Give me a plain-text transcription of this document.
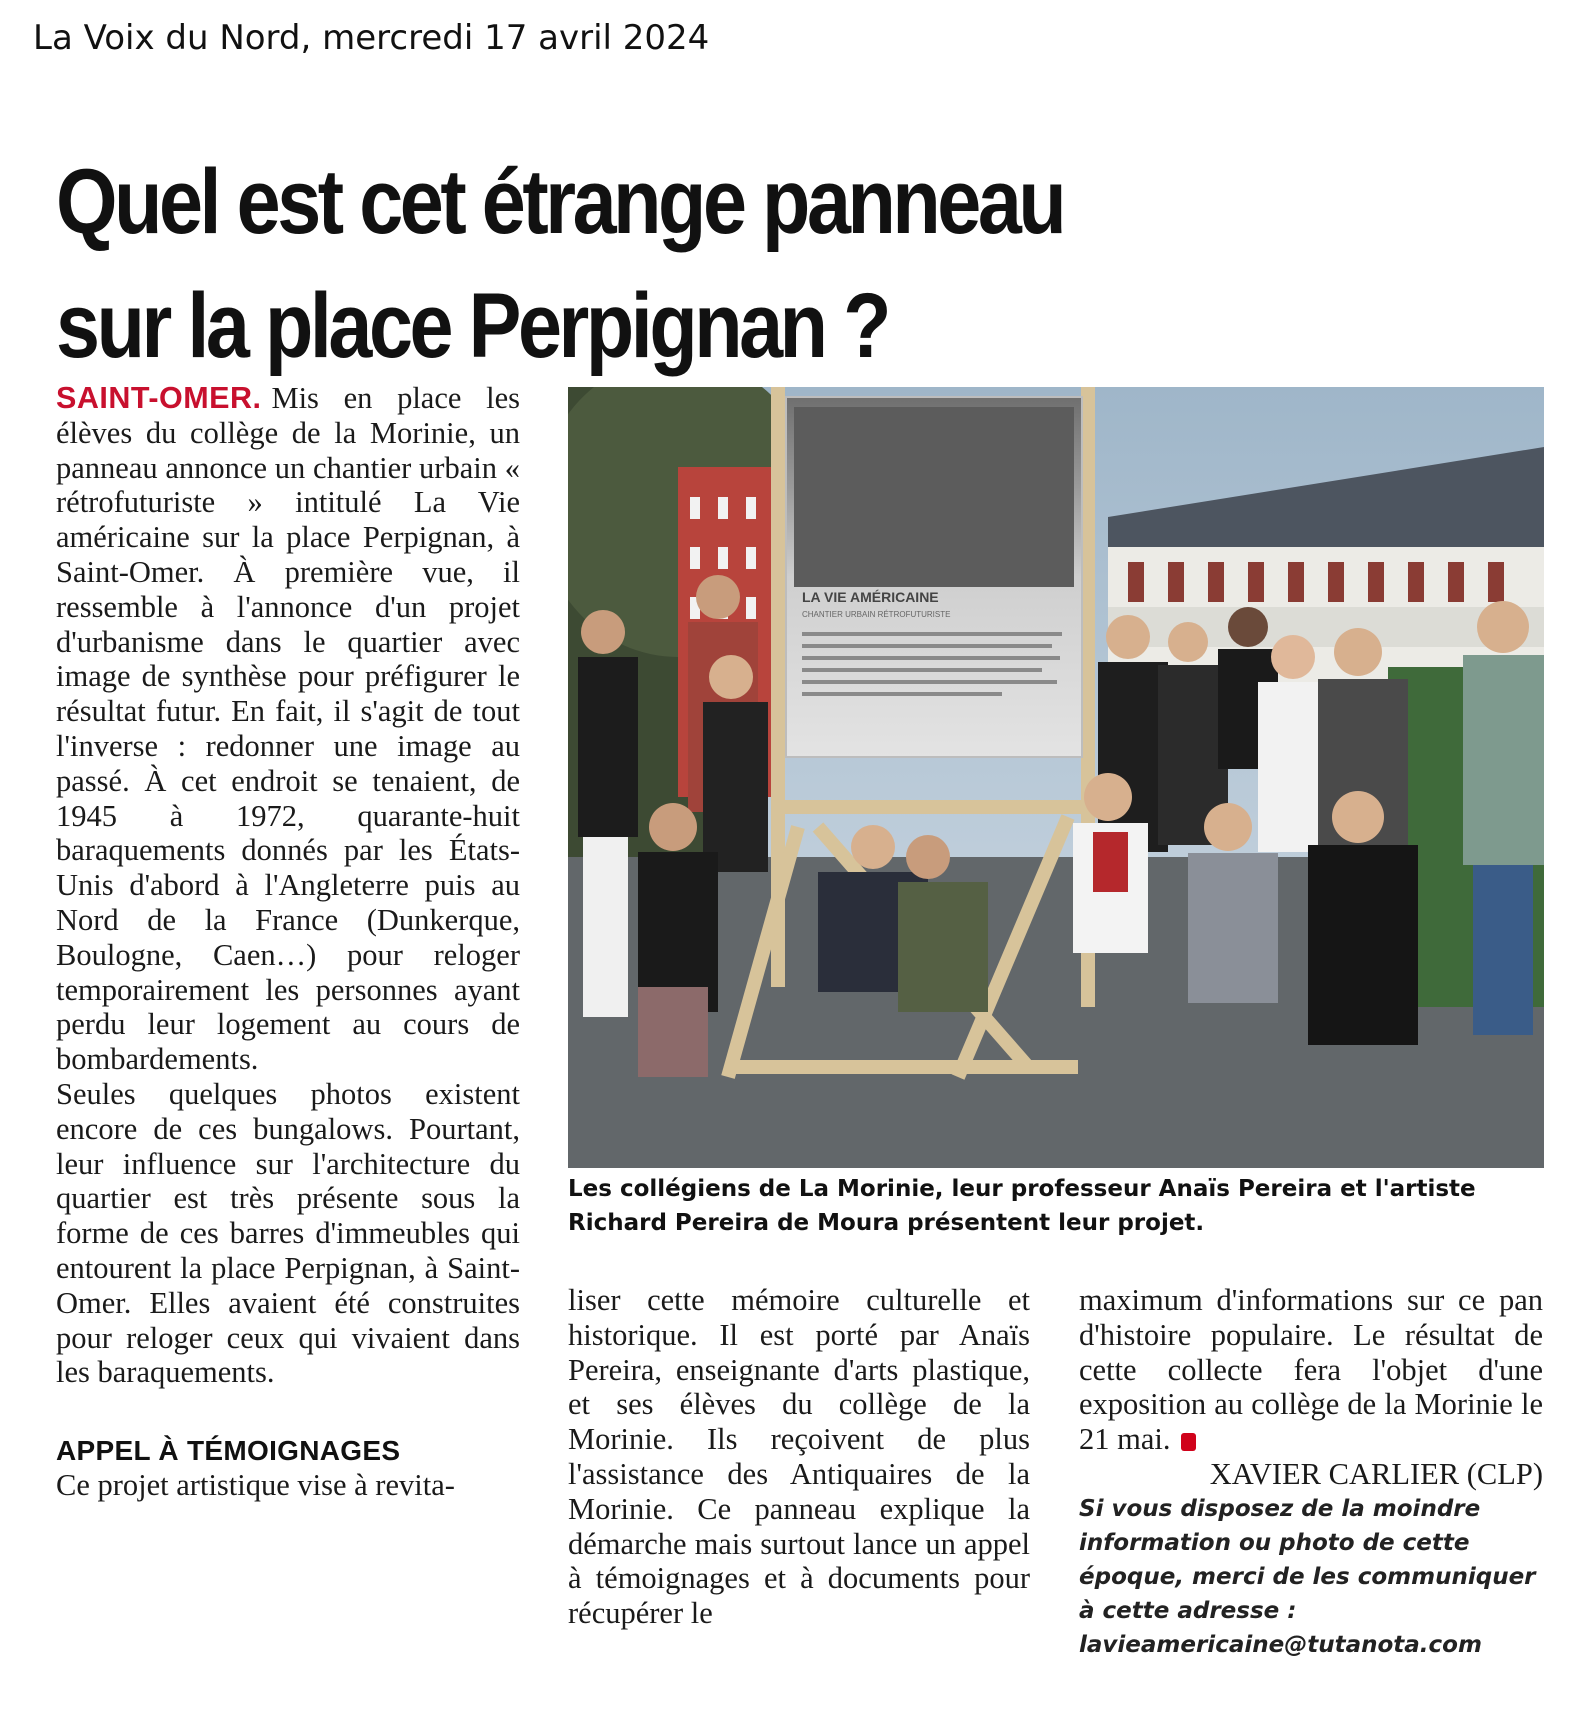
La Voix du Nord, mercredi 17 avril 2024
Quel est cet étrange panneau
sur la place Perpignan ?

SAINT-OMER. Mis en place les élèves du collège de la Morinie, un panneau annonce un chantier urbain « rétrofuturiste » intitulé La Vie américaine sur la place Perpignan, à Saint-Omer. À première vue, il ressemble à l'annonce d'un projet d'urbanisme dans le quartier avec image de synthèse pour préfigurer le résultat futur. En fait, il s'agit de tout l'inverse : redonner une image au passé. À cet endroit se tenaient, de 1945 à 1972, quarante-huit baraquements donnés par les États-Unis d'abord à l'Angleterre puis au Nord de la France (Dunkerque, Boulogne, Caen…) pour reloger temporairement les personnes ayant perdu leur logement au cours de bombardements.

Seules quelques photos existent encore de ces bungalows. Pourtant, leur influence sur l'architecture du quartier est très présente sous la forme de ces barres d'immeubles qui entourent la place Perpignan, à Saint-Omer. Elles avaient été construites pour reloger ceux qui vivaient dans les baraquements.

APPEL À TÉMOIGNAGES

Ce projet artistique vise à revita-

LA VIE AMÉRICAINE
CHANTIER URBAIN RÉTROFUTURISTE

Les collégiens de La Morinie, leur professeur Anaïs Pereira et l'artiste Richard Pereira de Moura présentent leur projet.

liser cette mémoire culturelle et historique. Il est porté par Anaïs Pereira, enseignante d'arts plastique, et ses élèves du collège de la Morinie. Ils reçoivent de plus l'assistance des Antiquaires de la Morinie. Ce panneau explique la démarche mais surtout lance un appel à témoignages et à documents pour récupérer le

maximum d'informations sur ce pan d'histoire populaire. Le résultat de cette collecte fera l'objet d'une exposition au collège de la Morinie le 21 mai.

XAVIER CARLIER (CLP)

Si vous disposez de la moindre information ou photo de cette époque, merci de les communiquer à cette adresse : lavieamericaine@tutanota.com
